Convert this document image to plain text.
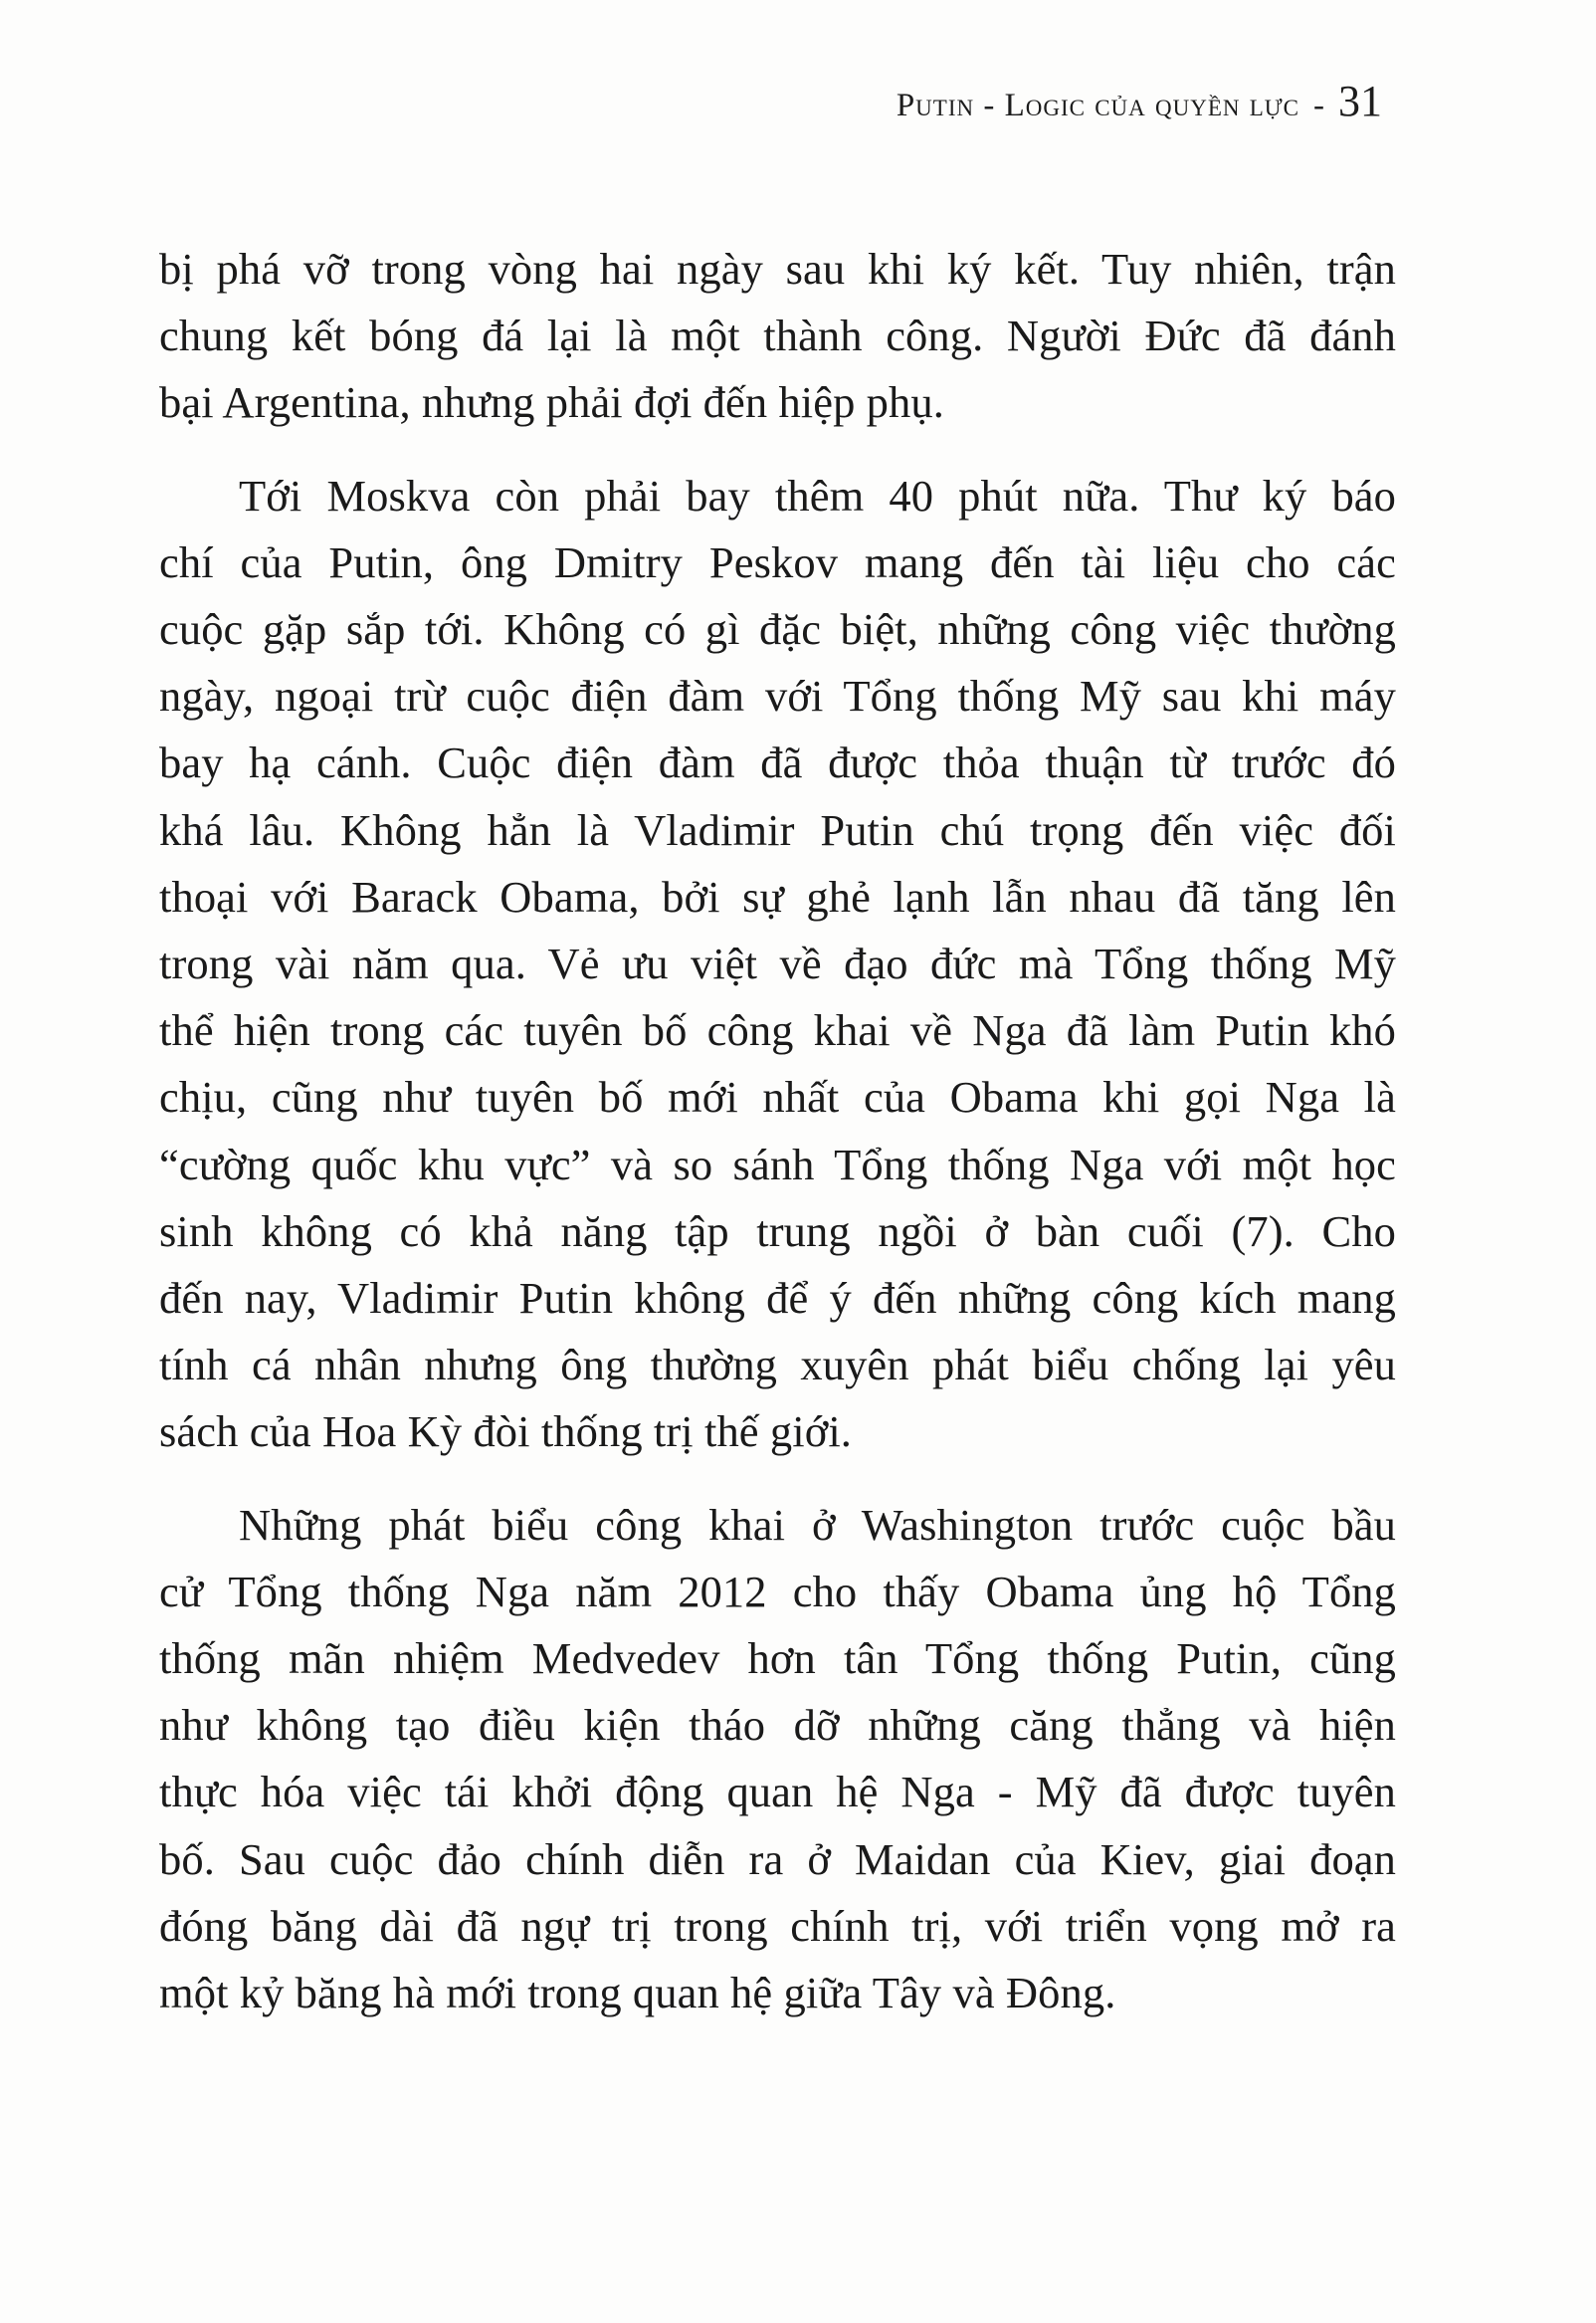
Putin - Logic của quyền lực - 31

bị phá vỡ trong vòng hai ngày sau khi ký kết. Tuy nhiên, trận
chung kết bóng đá lại là một thành công. Người Đức đã đánh
bại Argentina, nhưng phải đợi đến hiệp phụ.

Tới Moskva còn phải bay thêm 40 phút nữa. Thư ký báo
chí của Putin, ông Dmitry Peskov mang đến tài liệu cho các
cuộc gặp sắp tới. Không có gì đặc biệt, những công việc thường
ngày, ngoại trừ cuộc điện đàm với Tổng thống Mỹ sau khi máy
bay hạ cánh. Cuộc điện đàm đã được thỏa thuận từ trước đó
khá lâu. Không hẳn là Vladimir Putin chú trọng đến việc đối
thoại với Barack Obama, bởi sự ghẻ lạnh lẫn nhau đã tăng lên
trong vài năm qua. Vẻ ưu việt về đạo đức mà Tổng thống Mỹ
thể hiện trong các tuyên bố công khai về Nga đã làm Putin khó
chịu, cũng như tuyên bố mới nhất của Obama khi gọi Nga là
“cường quốc khu vực” và so sánh Tổng thống Nga với một học
sinh không có khả năng tập trung ngồi ở bàn cuối (7). Cho
đến nay, Vladimir Putin không để ý đến những công kích mang
tính cá nhân nhưng ông thường xuyên phát biểu chống lại yêu
sách của Hoa Kỳ đòi thống trị thế giới.

Những phát biểu công khai ở Washington trước cuộc bầu
cử Tổng thống Nga năm 2012 cho thấy Obama ủng hộ Tổng
thống mãn nhiệm Medvedev hơn tân Tổng thống Putin, cũng
như không tạo điều kiện tháo dỡ những căng thẳng và hiện
thực hóa việc tái khởi động quan hệ Nga - Mỹ đã được tuyên
bố. Sau cuộc đảo chính diễn ra ở Maidan của Kiev, giai đoạn
đóng băng dài đã ngự trị trong chính trị, với triển vọng mở ra
một kỷ băng hà mới trong quan hệ giữa Tây và Đông.
